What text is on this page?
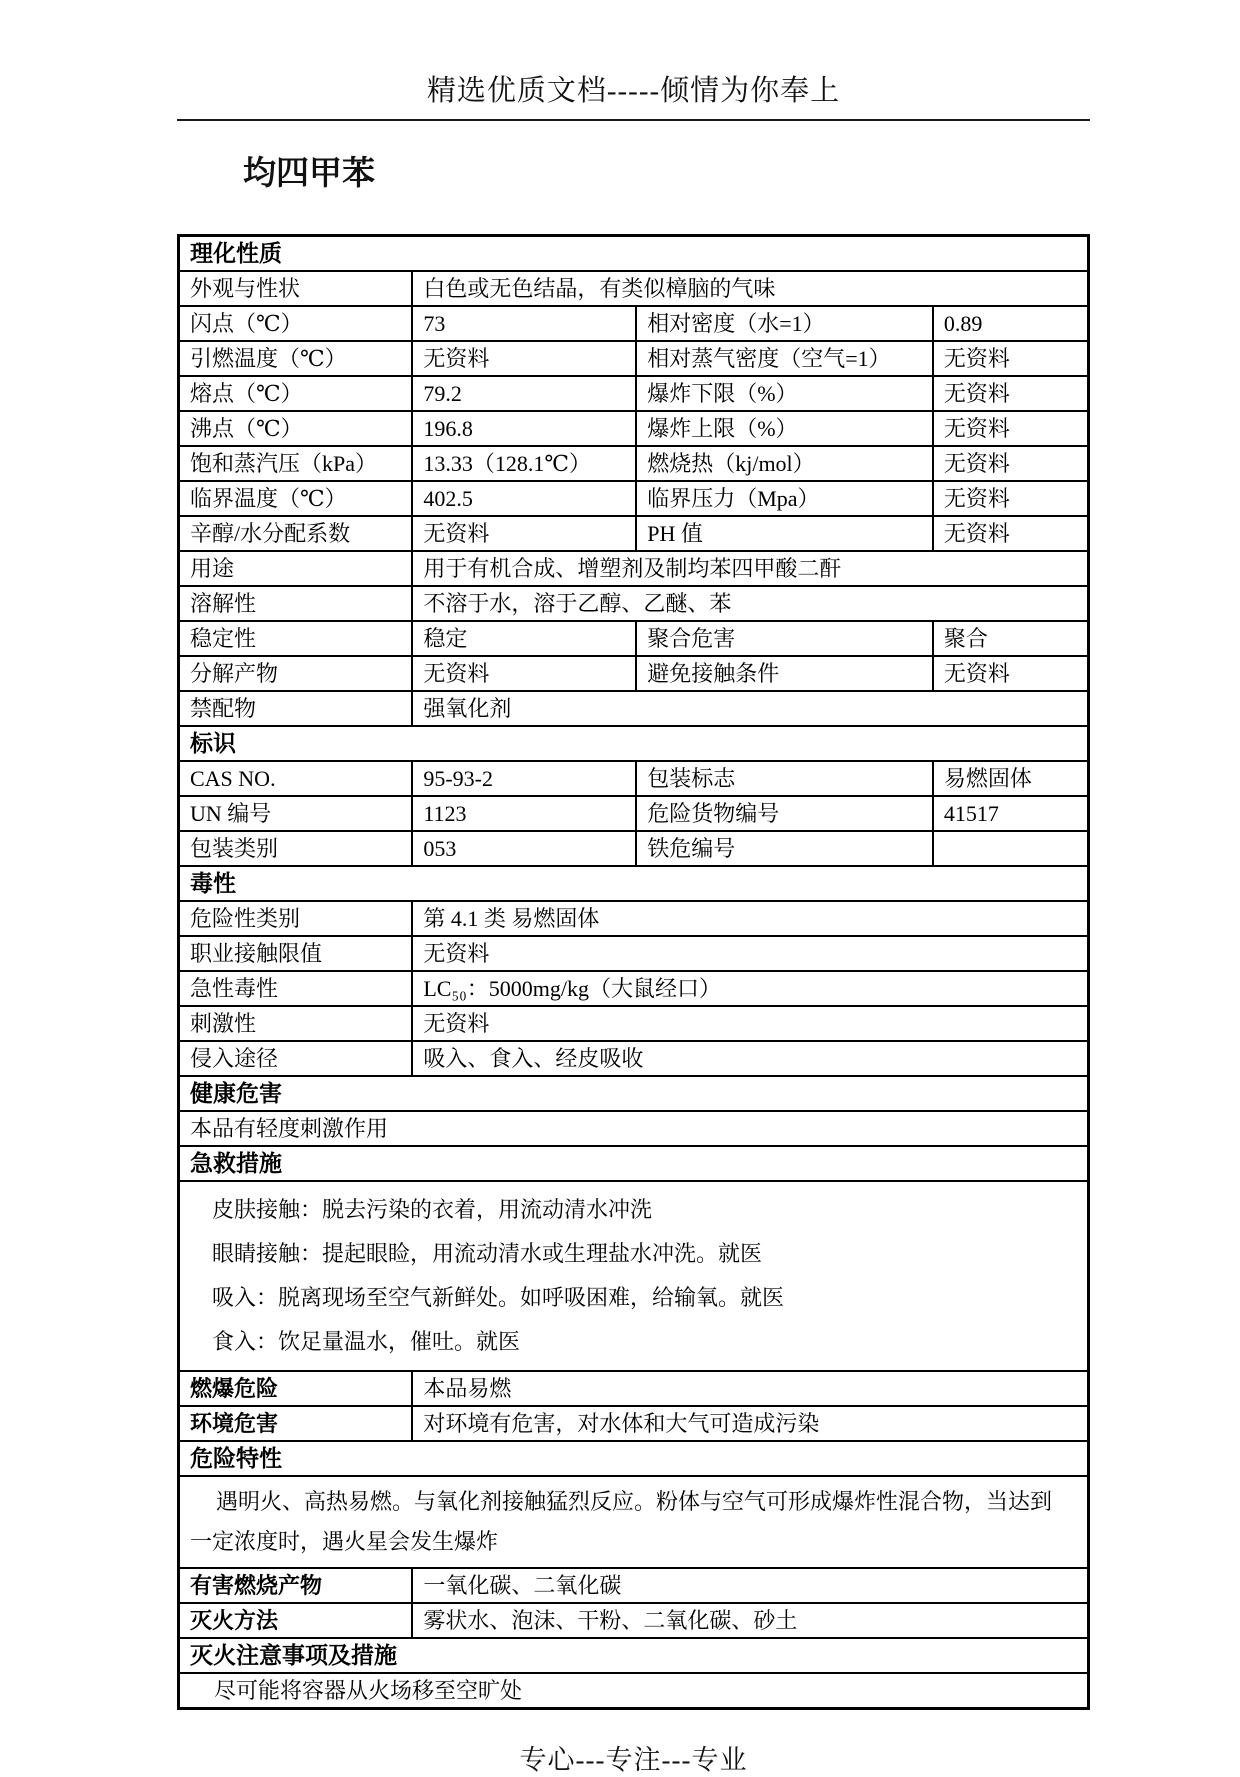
精选优质文档-----倾情为你奉上
均四甲苯
理化性质			
外观与性状	白色或无色结晶，有类似樟脑的气味		
闪点（℃）	73	相对密度（水=1）	0.89
引燃温度（℃）	无资料	相对蒸气密度（空气=1）	无资料
熔点（℃）	79.2	爆炸下限（%）	无资料
沸点（℃）	196.8	爆炸上限（%）	无资料
饱和蒸汽压（kPa）	13.33（128.1℃）	燃烧热（kj/mol）	无资料
临界温度（℃）	402.5	临界压力（Mpa）	无资料
辛醇/水分配系数	无资料	PH 值	无资料
用途	用于有机合成、增塑剂及制均苯四甲酸二酐		
溶解性	不溶于水，溶于乙醇、乙醚、苯		
稳定性	稳定	聚合危害	聚合
分解产物	无资料	避免接触条件	无资料
禁配物	强氧化剂		
标识			
CAS NO.	95-93-2	包装标志	易燃固体
UN 编号	1123	危险货物编号	41517
包装类别	053	铁危编号	
毒性			
危险性类别	第 4.1 类 易燃固体		
职业接触限值	无资料		
急性毒性	LC₅₀：5000mg/kg（大鼠经口）		
刺激性	无资料		
侵入途径	吸入、食入、经皮吸收		
健康危害			
本品有轻度刺激作用			
急救措施			

皮肤接触：脱去污染的衣着，用流动清水冲洗
眼睛接触：提起眼睑，用流动清水或生理盐水冲洗。就医
吸入：脱离现场至空气新鲜处。如呼吸困难，给输氧。就医
食入：饮足量温水，催吐。就医			

燃爆危险	本品易燃		
环境危害	对环境有危害，对水体和大气可造成污染		
危险特性			
遇明火、高热易燃。与氧化剂接触猛烈反应。粉体与空气可形成爆炸性混合物，当达到一定浓度时，遇火星会发生爆炸			
有害燃烧产物	一氧化碳、二氧化碳		
灭火方法	雾状水、泡沫、干粉、二氧化碳、砂土		
灭火注意事项及措施			
尽可能将容器从火场移至空旷处			
专心---专注---专业
